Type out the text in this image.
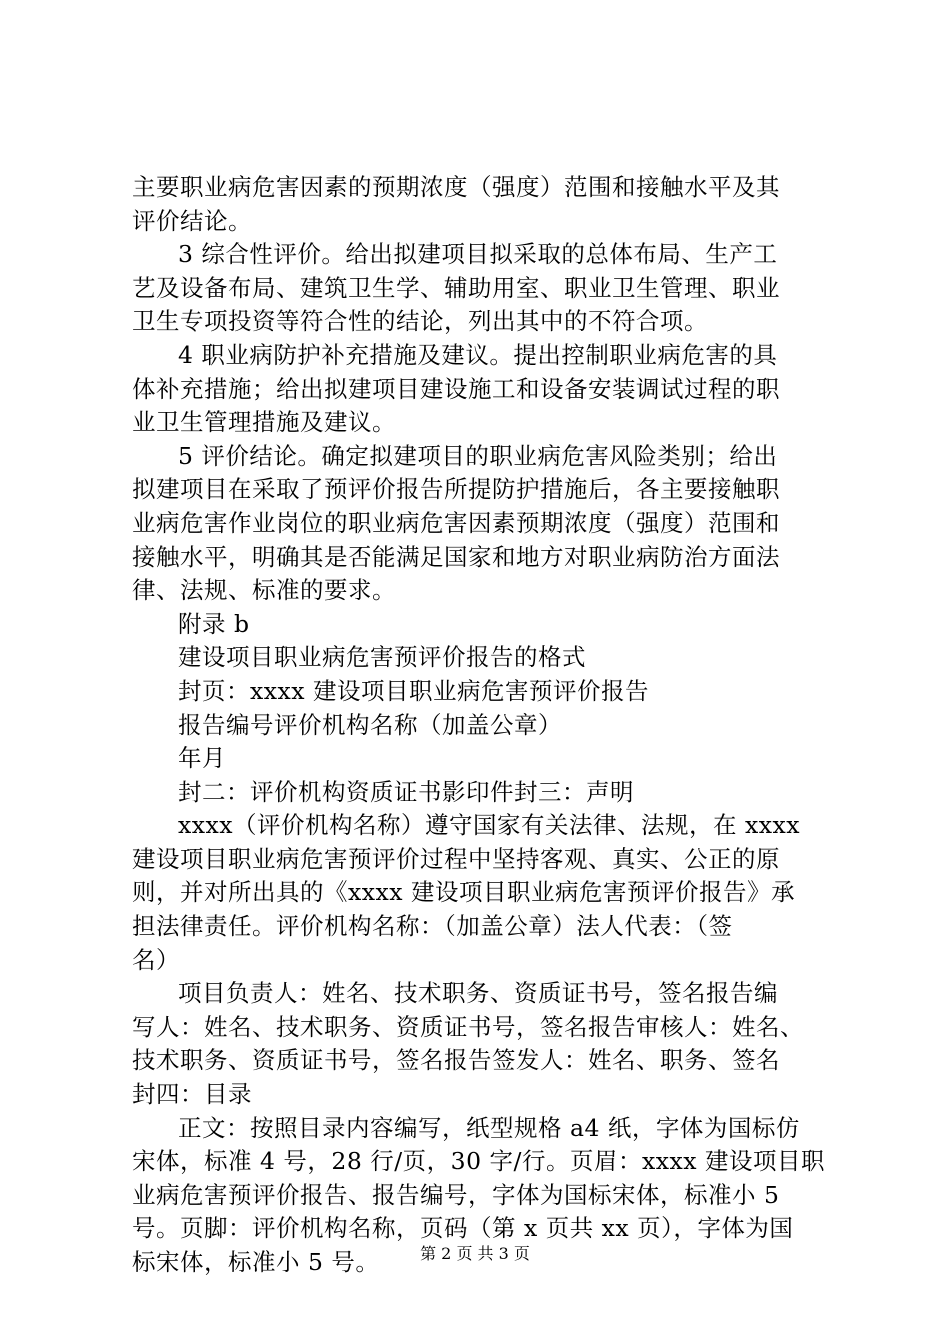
主要职业病危害因素的预期浓度（强度）范围和接触水平及其
评价结论。
3 综合性评价。给出拟建项目拟采取的总体布局、生产工
艺及设备布局、建筑卫生学、辅助用室、职业卫生管理、职业
卫生专项投资等符合性的结论，列出其中的不符合项。
4 职业病防护补充措施及建议。提出控制职业病危害的具
体补充措施；给出拟建项目建设施工和设备安装调试过程的职
业卫生管理措施及建议。
5 评价结论。确定拟建项目的职业病危害风险类别；给出
拟建项目在采取了预评价报告所提防护措施后，各主要接触职
业病危害作业岗位的职业病危害因素预期浓度（强度）范围和
接触水平，明确其是否能满足国家和地方对职业病防治方面法
律、法规、标准的要求。
附录 b
建设项目职业病危害预评价报告的格式
封页：xxxx 建设项目职业病危害预评价报告
报告编号评价机构名称（加盖公章）
年月
封二：评价机构资质证书影印件封三：声明
xxxx（评价机构名称）遵守国家有关法律、法规，在 xxxx
建设项目职业病危害预评价过程中坚持客观、真实、公正的原
则，并对所出具的《xxxx 建设项目职业病危害预评价报告》承
担法律责任。评价机构名称：（加盖公章）法人代表：（签
名）
项目负责人：姓名、技术职务、资质证书号，签名报告编
写人：姓名、技术职务、资质证书号，签名报告审核人：姓名、
技术职务、资质证书号，签名报告签发人：姓名、职务、签名
封四：目录
正文：按照目录内容编写，纸型规格 a4 纸，字体为国标仿
宋体，标准 4 号，28 行/页，30 字/行。页眉：xxxx 建设项目职
业病危害预评价报告、报告编号，字体为国标宋体，标准小 5
号。页脚：评价机构名称，页码（第 x 页共 xx 页），字体为国
标宋体，标准小 5 号。	第 2 页 共 3 页
